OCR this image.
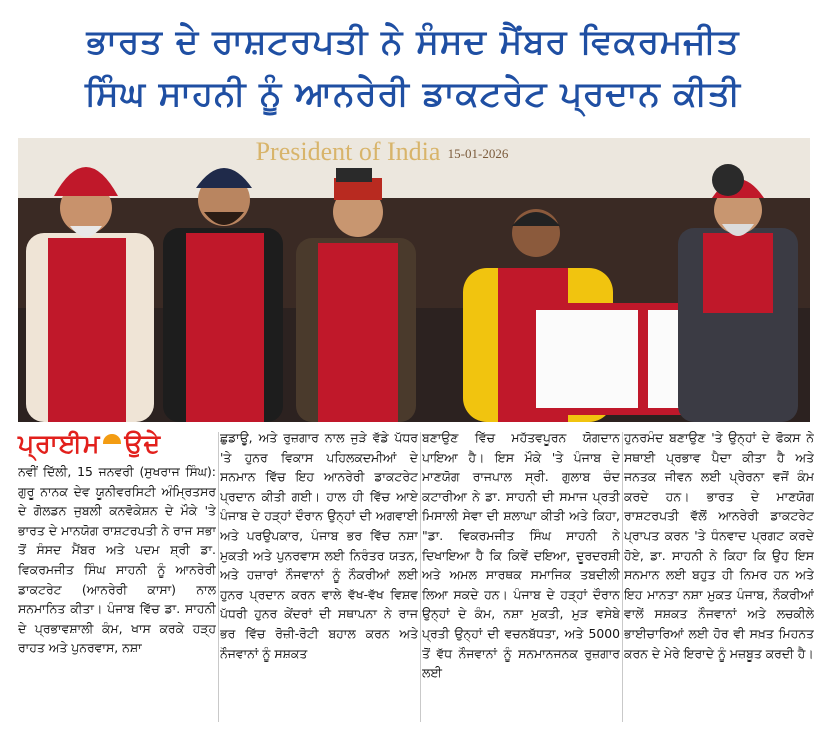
ਭਾਰਤ ਦੇ ਰਾਸ਼ਟਰਪਤੀ ਨੇ ਸੰਸਦ ਮੈਂਬਰ ਵਿਕਰਮਜੀਤ
ਸਿੰਘ ਸਾਹਨੀ ਨੂੰ ਆਨਰੇਰੀ ਡਾਕਟਰੇਟ ਪ੍ਰਦਾਨ ਕੀਤੀ
President of India 15-01-2026
ਪ੍ਰਾਈਮ ਉਦੇ

ਨਵੀਂ ਦਿੱਲੀ, 15 ਜਨਵਰੀ (ਸੁਖਰਾਜ ਸਿੰਘ): ਗੁਰੂ ਨਾਨਕ ਦੇਵ ਯੂਨੀਵਰਸਿਟੀ ਅੰਮ੍ਰਿਤਸਰ ਦੇ ਗੋਲਡਨ ਜੁਬਲੀ ਕਨਵੋਕੇਸ਼ਨ ਦੇ ਮੌਕੇ 'ਤੇ ਭਾਰਤ ਦੇ ਮਾਨਯੋਗ ਰਾਸ਼ਟਰਪਤੀ ਨੇ ਰਾਜ ਸਭਾ ਤੋਂ ਸੰਸਦ ਮੈਂਬਰ ਅਤੇ ਪਦਮ ਸ਼੍ਰੀ ਡਾ. ਵਿਕਰਮਜੀਤ ਸਿੰਘ ਸਾਹਨੀ ਨੂੰ ਆਨਰੇਰੀ ਡਾਕਟਰੇਟ (ਆਨਰੇਰੀ ਕਾਸਾ) ਨਾਲ ਸਨਮਾਨਿਤ ਕੀਤਾ। ਪੰਜਾਬ ਵਿੱਚ ਡਾ. ਸਾਹਨੀ ਦੇ ਪ੍ਰਭਾਵਸ਼ਾਲੀ ਕੰਮ, ਖਾਸ ਕਰਕੇ ਹੜ੍ਹ ਰਾਹਤ ਅਤੇ ਪੁਨਰਵਾਸ, ਨਸ਼ਾ

ਛੁਡਾਊ, ਅਤੇ ਰੁਜ਼ਗਾਰ ਨਾਲ ਜੁੜੇ ਵੱਡੇ ਪੱਧਰ 'ਤੇ ਹੁਨਰ ਵਿਕਾਸ ਪਹਿਲਕਦਮੀਆਂ ਦੇ ਸਨਮਾਨ ਵਿੱਚ ਇਹ ਆਨਰੇਰੀ ਡਾਕਟਰੇਟ ਪ੍ਰਦਾਨ ਕੀਤੀ ਗਈ। ਹਾਲ ਹੀ ਵਿੱਚ ਆਏ ਪੰਜਾਬ ਦੇ ਹੜ੍ਹਾਂ ਦੌਰਾਨ ਉਨ੍ਹਾਂ ਦੀ ਅਗਵਾਈ ਅਤੇ ਪਰਉਪਕਾਰ, ਪੰਜਾਬ ਭਰ ਵਿੱਚ ਨਸ਼ਾ ਮੁਕਤੀ ਅਤੇ ਪੁਨਰਵਾਸ ਲਈ ਨਿਰੰਤਰ ਯਤਨ, ਅਤੇ ਹਜ਼ਾਰਾਂ ਨੌਜਵਾਨਾਂ ਨੂੰ ਨੌਕਰੀਆਂ ਲਈ ਹੁਨਰ ਪ੍ਰਦਾਨ ਕਰਨ ਵਾਲੇ ਵੱਖ-ਵੱਖ ਵਿਸ਼ਵ ਪੱਧਰੀ ਹੁਨਰ ਕੇਂਦਰਾਂ ਦੀ ਸਥਾਪਨਾ ਨੇ ਰਾਜ ਭਰ ਵਿੱਚ ਰੋਜ਼ੀ-ਰੋਟੀ ਬਹਾਲ ਕਰਨ ਅਤੇ ਨੌਜਵਾਨਾਂ ਨੂੰ ਸਸ਼ਕਤ

ਬਣਾਉਣ ਵਿੱਚ ਮਹੱਤਵਪੂਰਨ ਯੋਗਦਾਨ ਪਾਇਆ ਹੈ। ਇਸ ਮੌਕੇ 'ਤੇ ਪੰਜਾਬ ਦੇ ਮਾਣਯੋਗ ਰਾਜਪਾਲ ਸ੍ਰੀ. ਗੁਲਾਬ ਚੰਦ ਕਟਾਰੀਆ ਨੇ ਡਾ. ਸਾਹਨੀ ਦੀ ਸਮਾਜ ਪ੍ਰਤੀ ਮਿਸਾਲੀ ਸੇਵਾ ਦੀ ਸ਼ਲਾਘਾ ਕੀਤੀ ਅਤੇ ਕਿਹਾ, "ਡਾ. ਵਿਕਰਮਜੀਤ ਸਿੰਘ ਸਾਹਨੀ ਨੇ ਦਿਖਾਇਆ ਹੈ ਕਿ ਕਿਵੇਂ ਦਇਆ, ਦੂਰਦਰਸ਼ੀ ਅਤੇ ਅਮਲ ਸਾਰਥਕ ਸਮਾਜਿਕ ਤਬਦੀਲੀ ਲਿਆ ਸਕਦੇ ਹਨ। ਪੰਜਾਬ ਦੇ ਹੜ੍ਹਾਂ ਦੌਰਾਨ ਉਨ੍ਹਾਂ ਦੇ ਕੰਮ, ਨਸ਼ਾ ਮੁਕਤੀ, ਮੁੜ ਵਸੇਬੇ ਪ੍ਰਤੀ ਉਨ੍ਹਾਂ ਦੀ ਵਚਨਬੱਧਤਾ, ਅਤੇ 5000 ਤੋਂ ਵੱਧ ਨੌਜਵਾਨਾਂ ਨੂੰ ਸਨਮਾਨਜਨਕ ਰੁਜ਼ਗਾਰ ਲਈ

ਹੁਨਰਮੰਦ ਬਣਾਉਣ 'ਤੇ ਉਨ੍ਹਾਂ ਦੇ ਫੋਕਸ ਨੇ ਸਥਾਈ ਪ੍ਰਭਾਵ ਪੈਦਾ ਕੀਤਾ ਹੈ ਅਤੇ ਜਨਤਕ ਜੀਵਨ ਲਈ ਪ੍ਰੇਰਨਾ ਵਜੋਂ ਕੰਮ ਕਰਦੇ ਹਨ। ਭਾਰਤ ਦੇ ਮਾਣਯੋਗ ਰਾਸ਼ਟਰਪਤੀ ਵੱਲੋਂ ਆਨਰੇਰੀ ਡਾਕਟਰੇਟ ਪ੍ਰਾਪਤ ਕਰਨ 'ਤੇ ਧੰਨਵਾਦ ਪ੍ਰਗਟ ਕਰਦੇ ਹੋਏ, ਡਾ. ਸਾਹਨੀ ਨੇ ਕਿਹਾ ਕਿ ਉਹ ਇਸ ਸਨਮਾਨ ਲਈ ਬਹੁਤ ਹੀ ਨਿਮਰ ਹਨ ਅਤੇ ਇਹ ਮਾਨਤਾ ਨਸ਼ਾ ਮੁਕਤ ਪੰਜਾਬ, ਨੌਕਰੀਆਂ ਵਾਲੇਂ ਸਸ਼ਕਤ ਨੌਜਵਾਨਾਂ ਅਤੇ ਲਚਕੀਲੇ ਭਾਈਚਾਰਿਆਂ ਲਈ ਹੋਰ ਵੀ ਸਖ਼ਤ ਮਿਹਨਤ ਕਰਨ ਦੇ ਮੇਰੇ ਇਰਾਦੇ ਨੂੰ ਮਜ਼ਬੂਤ ਕਰਦੀ ਹੈ।
